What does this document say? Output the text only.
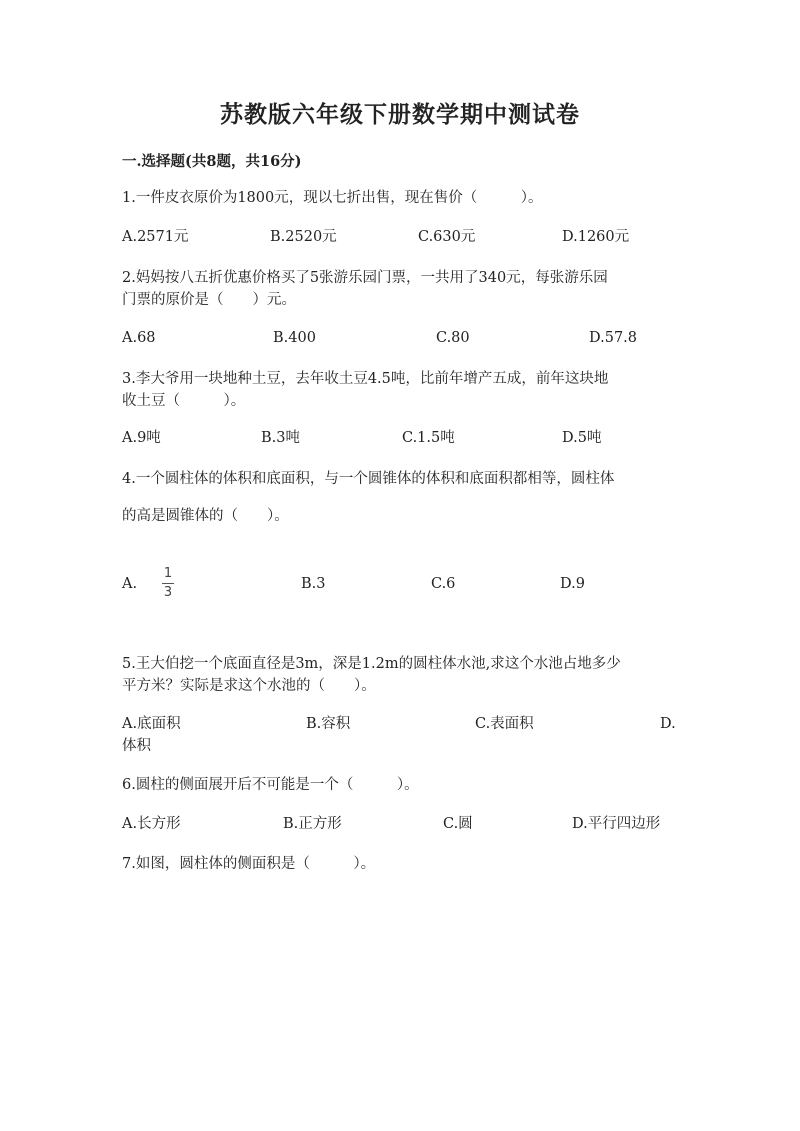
苏教版六年级下册数学期中测试卷
一.选择题(共8题，共16分)
1.一件皮衣原价为1800元，现以七折出售，现在售价（　　　）。
A.2571元	B.2520元	C.630元	D.1260元
2.妈妈按八五折优惠价格买了5张游乐园门票，一共用了340元，每张游乐园
门票的原价是（　　）元。
A.68	B.400	C.80	D.57.8
3.李大爷用一块地种土豆，去年收土豆4.5吨，比前年增产五成，前年这块地
收土豆（　　　）。
A.9吨	B.3吨	C.1.5吨	D.5吨
4.一个圆柱体的体积和底面积，与一个圆锥体的体积和底面积都相等，圆柱体
的高是圆锥体的（　　）。
A.
1
3
B.3	C.6	D.9
5.王大伯挖一个底面直径是3m，深是1.2m的圆柱体水池,求这个水池占地多少
平方米？实际是求这个水池的（　　）。
A.底面积	B.容积	C.表面积	D.
体积
6.圆柱的侧面展开后不可能是一个（　　　）。
A.长方形	B.正方形	C.圆	D.平行四边形
7.如图，圆柱体的侧面积是（　　　）。
